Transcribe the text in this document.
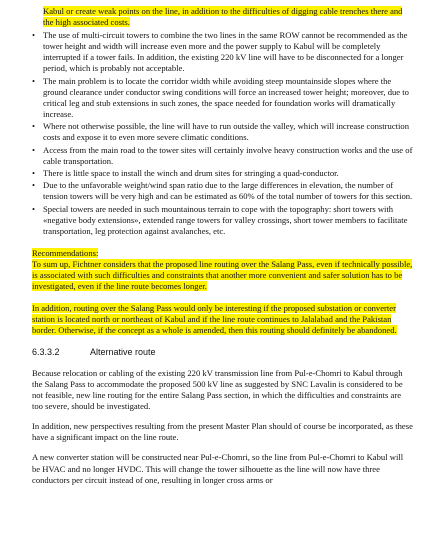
Kabul or create weak points on the line, in addition to the difficulties of digging cable trenches there and the high associated costs.

• The use of multi-circuit towers to combine the two lines in the same ROW cannot be recommended as the tower height and width will increase even more and the power supply to Kabul will be completely interrupted if a tower fails. In addition, the existing 220 kV line will have to be disconnected for a longer period, which is probably not acceptable.
• The main problem is to locate the corridor width while avoiding steep mountainside slopes where the ground clearance under conductor swing conditions will force an increased tower height; moreover, due to critical leg and stub extensions in such zones, the space needed for foundation works will dramatically increase.
• Where not otherwise possible, the line will have to run outside the valley, which will increase construction costs and expose it to even more severe climatic conditions.
• Access from the main road to the tower sites will certainly involve heavy construction works and the use of cable transportation.
• There is little space to install the winch and drum sites for stringing a quad-conductor.
• Due to the unfavorable weight/wind span ratio due to the large differences in elevation, the number of tension towers will be very high and can be estimated as 60% of the total number of towers for this section.
• Special towers are needed in such mountainous terrain to cope with the topography: short towers with «negative body extensions», extended range towers for valley crossings, short tower members to facilitate transportation, leg protection against avalanches, etc.

Recommendations:

To sum up, Fichtner considers that the proposed line routing over the Salang Pass, even if technically possible, is associated with such difficulties and constraints that another more convenient and safer solution has to be investigated, even if the line route becomes longer.

In addition, routing over the Salang Pass would only be interesting if the proposed substation or converter station is located north or northeast of Kabul and if the line route continues to Jalalabad and the Pakistan border. Otherwise, if the concept as a whole is amended, then this routing should definitely be abandoned.

6.3.3.2	Alternative route

Because relocation or cabling of the existing 220 kV transmission line from Pul-e-Chomri to Kabul through the Salang Pass to accommodate the proposed 500 kV line as suggested by SNC Lavalin is considered to be not feasible, new line routing for the entire Salang Pass section, in which the difficulties and constraints are too severe, should be investigated.

In addition, new perspectives resulting from the present Master Plan should of course be incorporated, as these have a significant impact on the line route.

A new converter station will be constructed near Pul-e-Chomri, so the line from Pul-e-Chomri to Kabul will be HVAC and no longer HVDC. This will change the tower silhouette as the line will now have three conductors per circuit instead of one, resulting in longer cross arms or
